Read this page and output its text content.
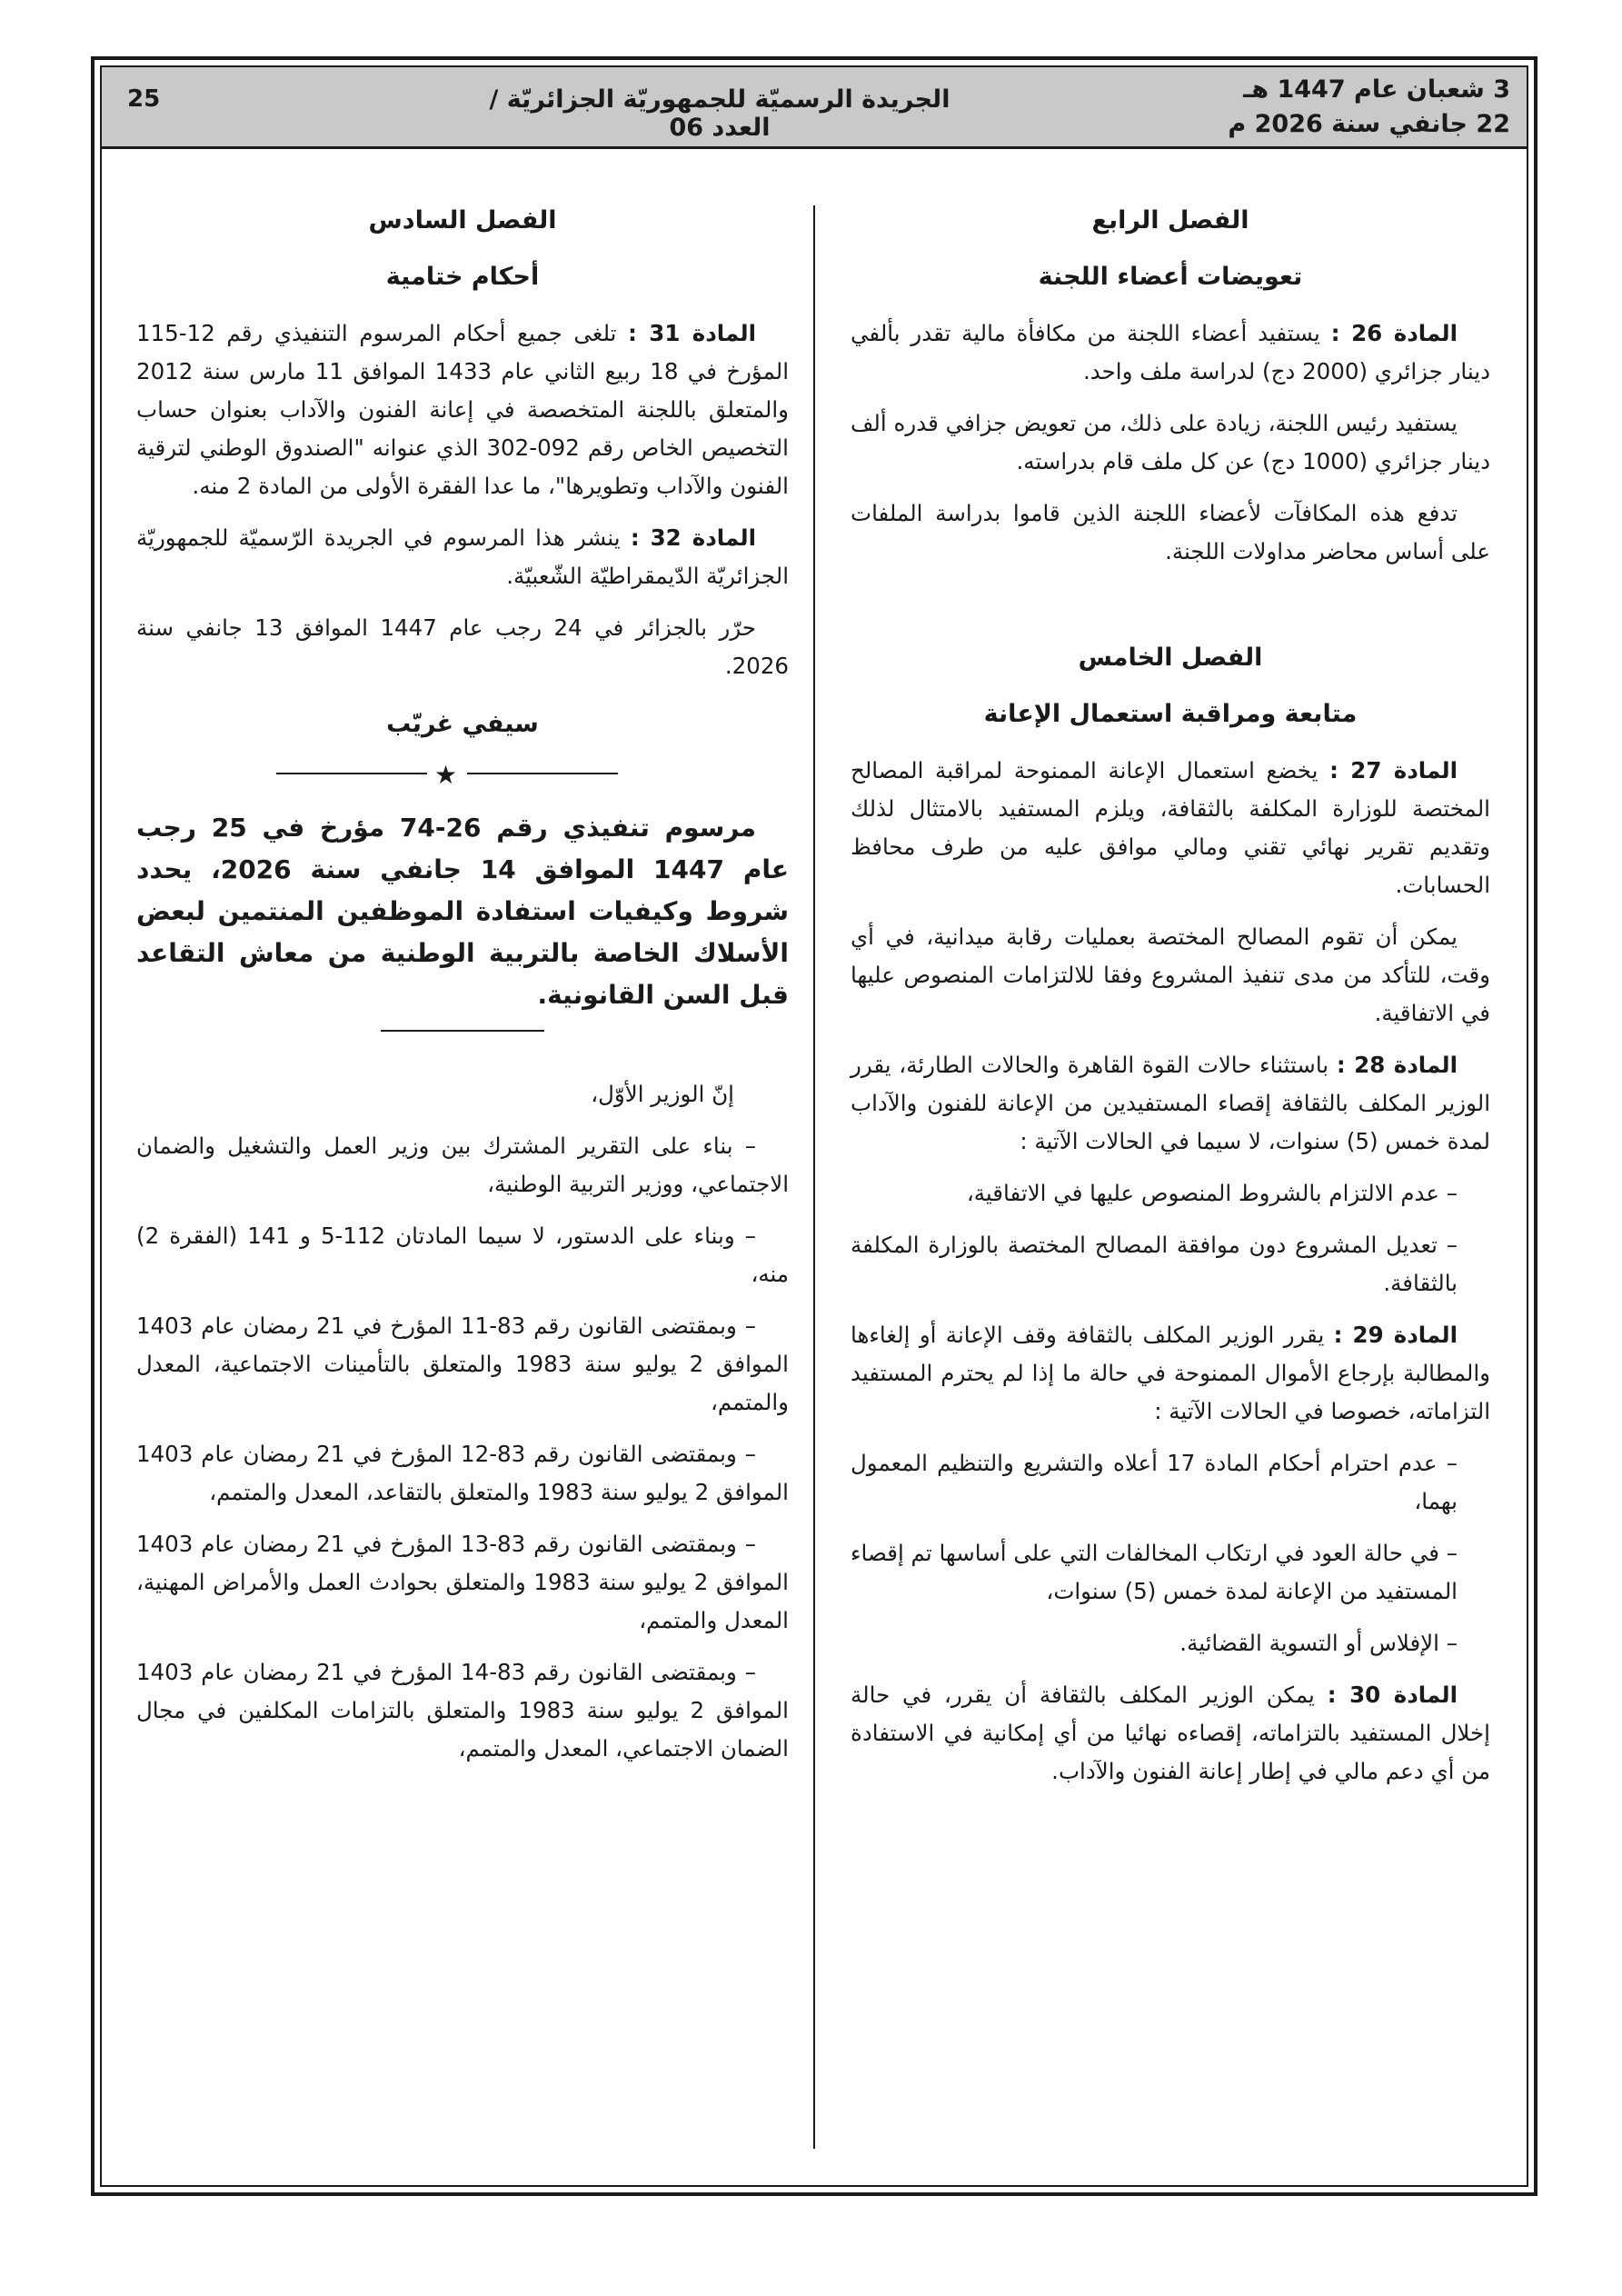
25	الجريدة الرسميّة للجمهوريّة الجزائريّة / العدد 06
3 شعبان عام 1447 هـ
22 جانفي سنة 2026 م
الفصل الرابع
تعويضات أعضاء اللجنة

المادة 26 : يستفيد أعضاء اللجنة من مكافأة مالية تقدر بألفي دينار جزائري (2000 دج) لدراسة ملف واحد.

يستفيد رئيس اللجنة، زيادة على ذلك، من تعويض جزافي قدره ألف دينار جزائري (1000 دج) عن كل ملف قام بدراسته.

تدفع هذه المكافآت لأعضاء اللجنة الذين قاموا بدراسة الملفات على أساس محاضر مداولات اللجنة.

الفصل الخامس
متابعة ومراقبة استعمال الإعانة

المادة 27 : يخضع استعمال الإعانة الممنوحة لمراقبة المصالح المختصة للوزارة المكلفة بالثقافة، ويلزم المستفيد بالامتثال لذلك وتقديم تقرير نهائي تقني ومالي موافق عليه من طرف محافظ الحسابات.

يمكن أن تقوم المصالح المختصة بعمليات رقابة ميدانية، في أي وقت، للتأكد من مدى تنفيذ المشروع وفقا للالتزامات المنصوص عليها في الاتفاقية.

المادة 28 : باستثناء حالات القوة القاهرة والحالات الطارئة، يقرر الوزير المكلف بالثقافة إقصاء المستفيدين من الإعانة للفنون والآداب لمدة خمس (5) سنوات، لا سيما في الحالات الآتية :

– عدم الالتزام بالشروط المنصوص عليها في الاتفاقية،

– تعديل المشروع دون موافقة المصالح المختصة بالوزارة المكلفة بالثقافة.

المادة 29 : يقرر الوزير المكلف بالثقافة وقف الإعانة أو إلغاءها والمطالبة بإرجاع الأموال الممنوحة في حالة ما إذا لم يحترم المستفيد التزاماته، خصوصا في الحالات الآتية :

– عدم احترام أحكام المادة 17 أعلاه والتشريع والتنظيم المعمول بهما،

– في حالة العود في ارتكاب المخالفات التي على أساسها تم إقصاء المستفيد من الإعانة لمدة خمس (5) سنوات،

– الإفلاس أو التسوية القضائية.

المادة 30 : يمكن الوزير المكلف بالثقافة أن يقرر، في حالة إخلال المستفيد بالتزاماته، إقصاءه نهائيا من أي إمكانية في الاستفادة من أي دعم مالي في إطار إعانة الفنون والآداب.

الفصل السادس
أحكام ختامية

المادة 31 : تلغى جميع أحكام المرسوم التنفيذي رقم 12-115 المؤرخ في 18 ربيع الثاني عام 1433 الموافق 11 مارس سنة 2012 والمتعلق باللجنة المتخصصة في إعانة الفنون والآداب بعنوان حساب التخصيص الخاص رقم 092-302 الذي عنوانه "الصندوق الوطني لترقية الفنون والآداب وتطويرها"، ما عدا الفقرة الأولى من المادة 2 منه.

المادة 32 : ينشر هذا المرسوم في الجريدة الرّسميّة للجمهوريّة الجزائريّة الدّيمقراطيّة الشّعبيّة.

حرّر بالجزائر في 24 رجب عام 1447 الموافق 13 جانفي سنة 2026.

سيفي غريّب
★

مرسوم تنفيذي رقم 26-74 مؤرخ في 25 رجب عام 1447 الموافق 14 جانفي سنة 2026، يحدد شروط وكيفيات استفادة الموظفين المنتمين لبعض الأسلاك الخاصة بالتربية الوطنية من معاش التقاعد قبل السن القانونية.

إنّ الوزير الأوّل،

– بناء على التقرير المشترك بين وزير العمل والتشغيل والضمان الاجتماعي، ووزير التربية الوطنية،

– وبناء على الدستور، لا سيما المادتان 112-5 و 141 (الفقرة 2) منه،

– وبمقتضى القانون رقم 83-11 المؤرخ في 21 رمضان عام 1403 الموافق 2 يوليو سنة 1983 والمتعلق بالتأمينات الاجتماعية، المعدل والمتمم،

– وبمقتضى القانون رقم 83-12 المؤرخ في 21 رمضان عام 1403 الموافق 2 يوليو سنة 1983 والمتعلق بالتقاعد، المعدل والمتمم،

– وبمقتضى القانون رقم 83-13 المؤرخ في 21 رمضان عام 1403 الموافق 2 يوليو سنة 1983 والمتعلق بحوادث العمل والأمراض المهنية، المعدل والمتمم،

– وبمقتضى القانون رقم 83-14 المؤرخ في 21 رمضان عام 1403 الموافق 2 يوليو سنة 1983 والمتعلق بالتزامات المكلفين في مجال الضمان الاجتماعي، المعدل والمتمم،
